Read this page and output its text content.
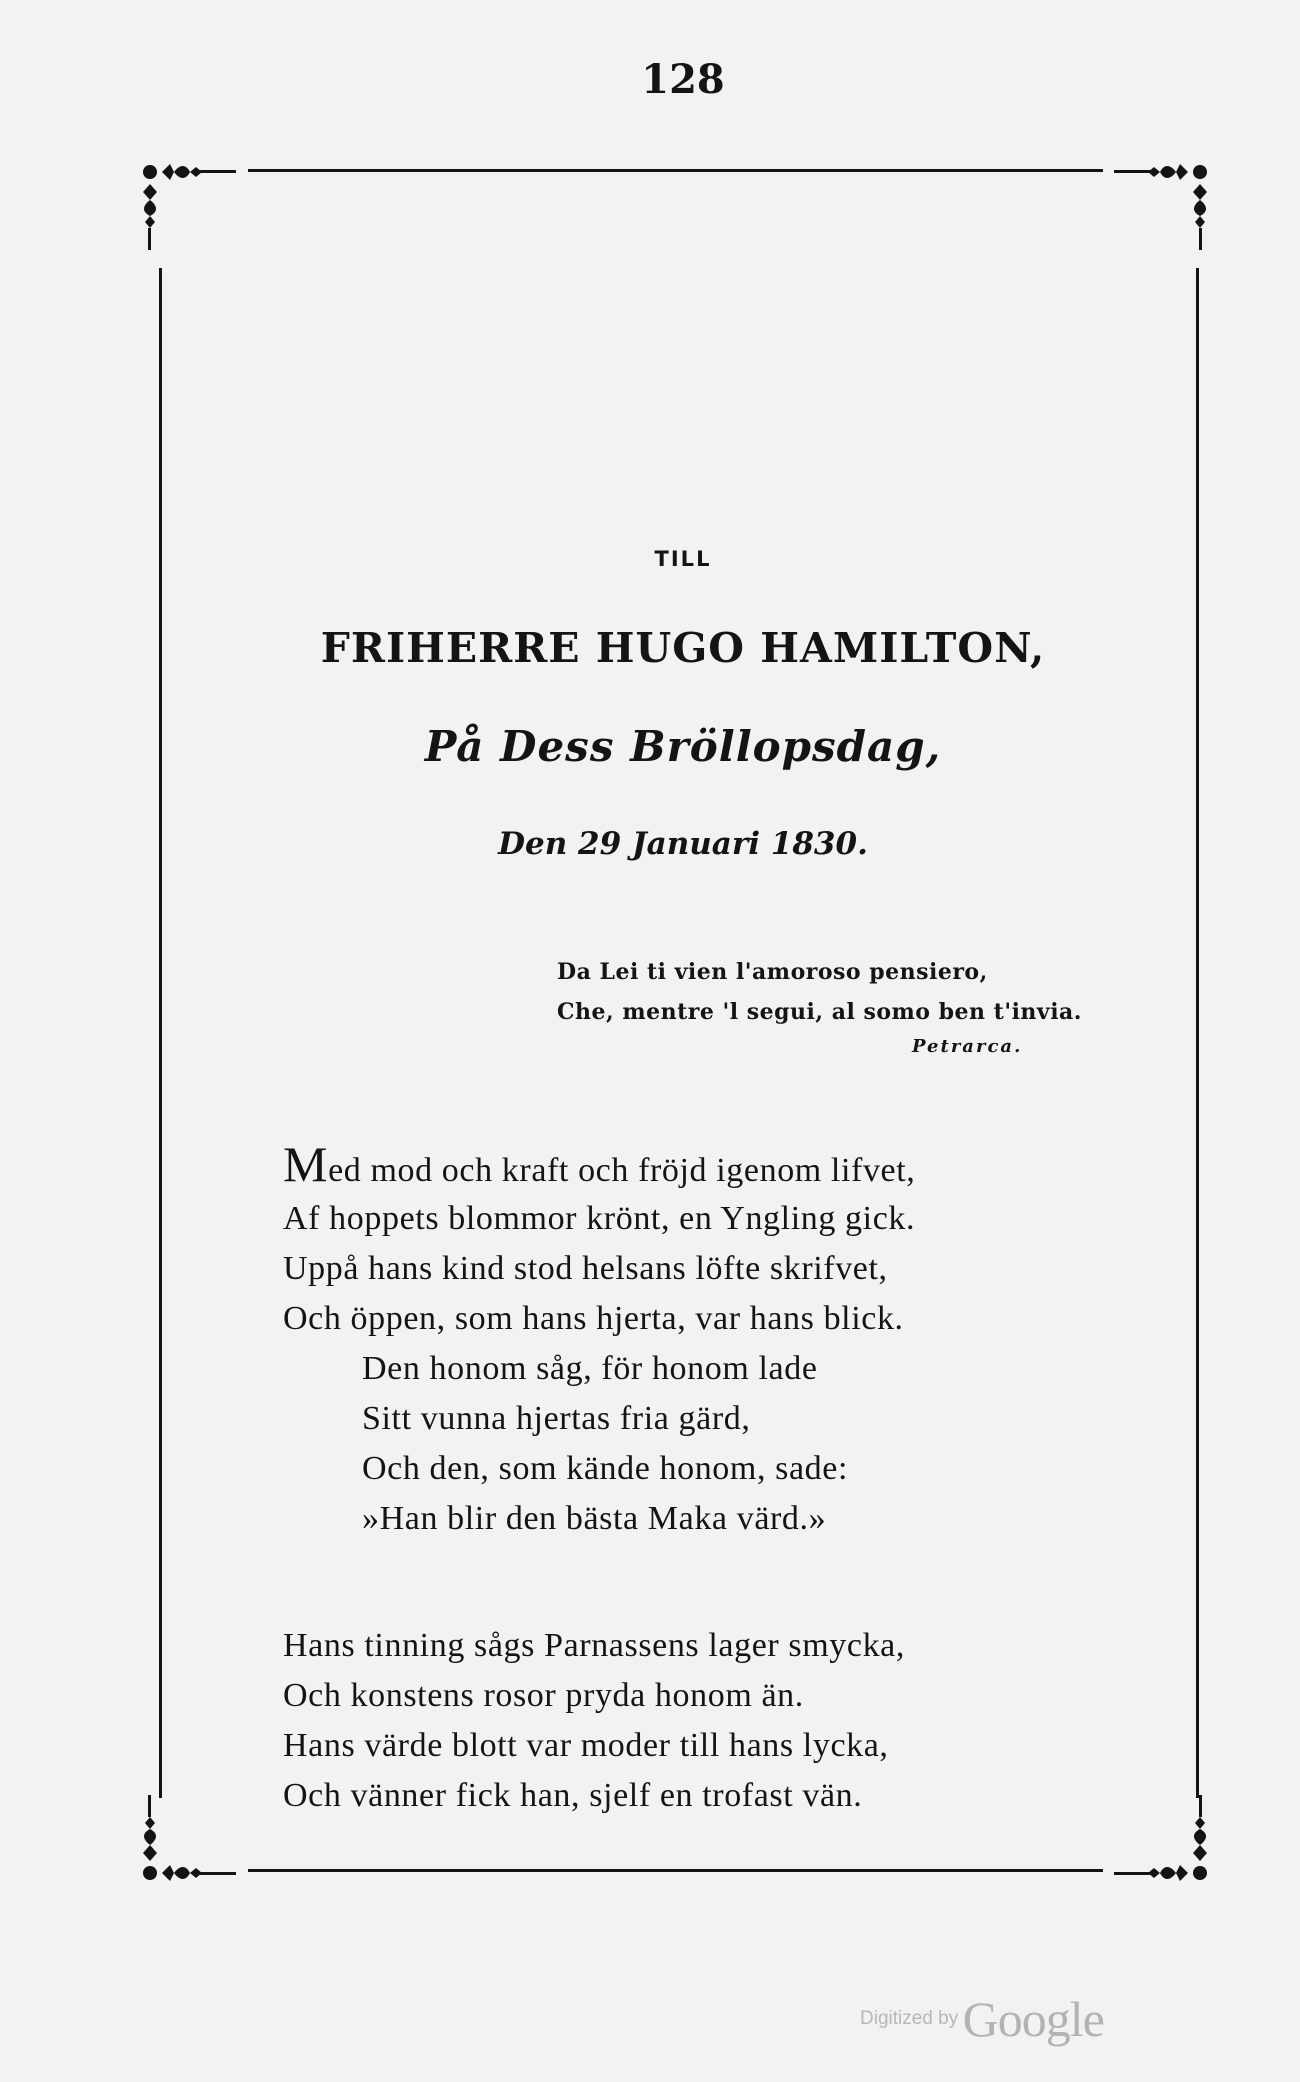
128
TILL
FRIHERRE HUGO HAMILTON,
På Dess Bröllopsdag,
Den 29 Januari 1830.
Da Lei ti vien l'amoroso pensiero,
Che, mentre 'l segui, al somo ben t'invia.
Petrarca.
Med mod och kraft och fröjd igenom lifvet,
Af hoppets blommor krönt, en Yngling gick.
Uppå hans kind stod helsans löfte skrifvet,
Och öppen, som hans hjerta, var hans blick.
Den honom såg, för honom lade
Sitt vunna hjertas fria gärd,
Och den, som kände honom, sade:
»Han blir den bästa Maka värd.»
Hans tinning sågs Parnassens lager smycka,
Och konstens rosor pryda honom än.
Hans värde blott var moder till hans lycka,
Och vänner fick han, sjelf en trofast vän.
Digitized by Google
